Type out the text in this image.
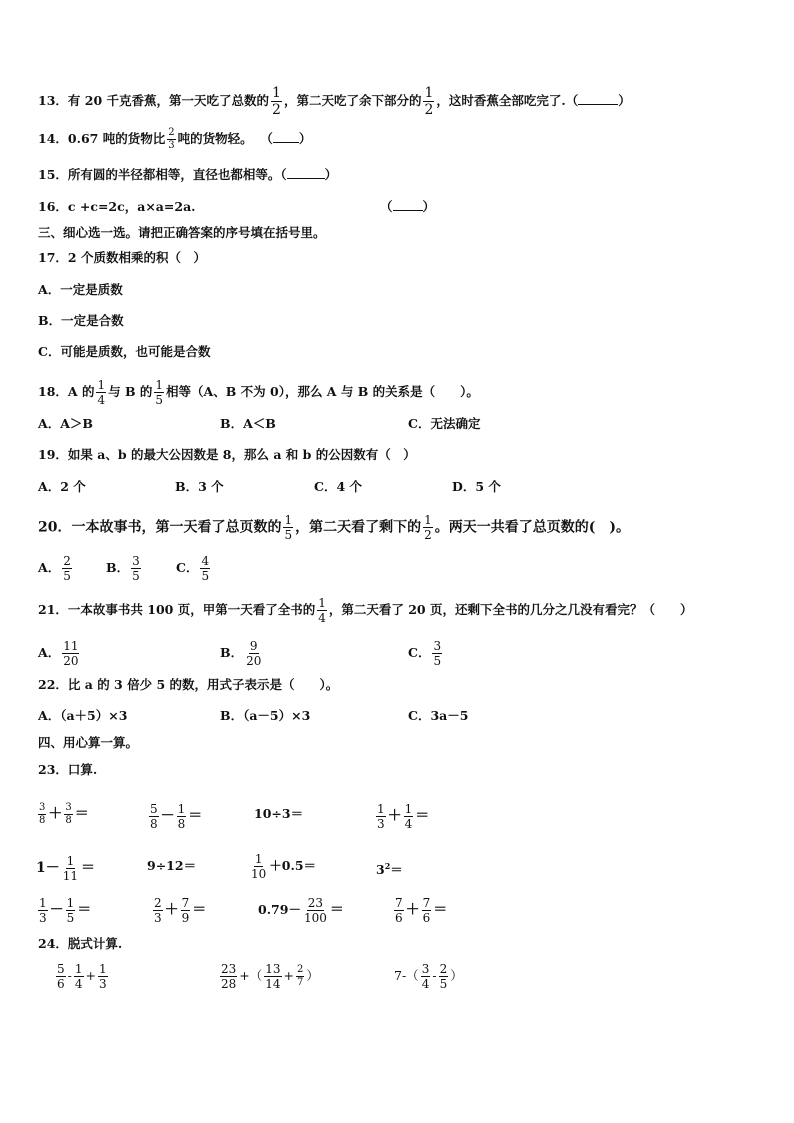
13．有 20 千克香蕉，第一天吃了总数的 $\frac{1}{2}$ ，第二天吃了余下部分的 $\frac{1}{2}$ ，这时香蕉全部吃完了.（	）
14．0.67 吨的货物比 $\frac{2}{3}$ 吨的货物轻。 （ ）
15．所有圆的半径都相等，直径也都相等。（	）
16．c +c=2c，a×a=2a.	（ ）
三、细心选一选。请把正确答案的序号填在括号里。
17．2 个质数相乘的积（　）
A．一定是质数
B．一定是合数
C．可能是质数，也可能是合数
18．A 的 $\frac{1}{4}$ 与 B 的 $\frac{1}{5}$ 相等（A、B 不为 0），那么 A 与 B 的关系是（　　）。
A．A＞B	B．A＜B	C．无法确定
19．如果 a、b 的最大公因数是 8，那么 a 和 b 的公因数有（　）
A．2 个	B．3 个	C．4 个	D．5 个
20．一本故事书，第一天看了总页数的 $\frac{1}{5}$ ，第二天看了剩下的 $\frac{1}{2}$ 。两天一共看了总页数的(　)。
A． $\frac{2}{5}$	B． $\frac{3}{5}$	C． $\frac{4}{5}$
21．一本故事书共 100 页，甲第一天看了全书的 $\frac{1}{4}$ ，第二天看了 20 页，还剩下全书的几分之几没有看完？（　　）
A． $\frac{11}{20}$	B． $\frac{9}{20}$	C． $\frac{3}{5}$
22．比 a 的 3 倍少 5 的数，用式子表示是（　　）。
A．（a＋5）×3	B．（a－5）×3	C．3a－5
四、用心算一算。
23．口算.
$\frac{3}{8} + \frac{3}{8}$ ＝	$\frac{5}{8} - \frac{1}{8}$ ＝	10÷3＝	$\frac{1}{3} + \frac{1}{4}$ ＝
$1- \frac{1}{11}$ ＝	9÷12＝	$\frac{1}{10} +0.5=$	$3^2=$
$\frac{1}{3} - \frac{1}{5}$ ＝	$\frac{2}{3} + \frac{7}{9}$ ＝	$0.79- \frac{23}{100}$ ＝	$\frac{7}{6} + \frac{7}{6}$ ＝
24．脱式计算.
$\frac{5}{6} - \frac{1}{4} + \frac{1}{3}$	$\frac{23}{28}$ +（ $\frac{13}{14} + \frac{2}{7}$ ）	$7-( \frac{3}{4} - \frac{2}{5}$ ）
